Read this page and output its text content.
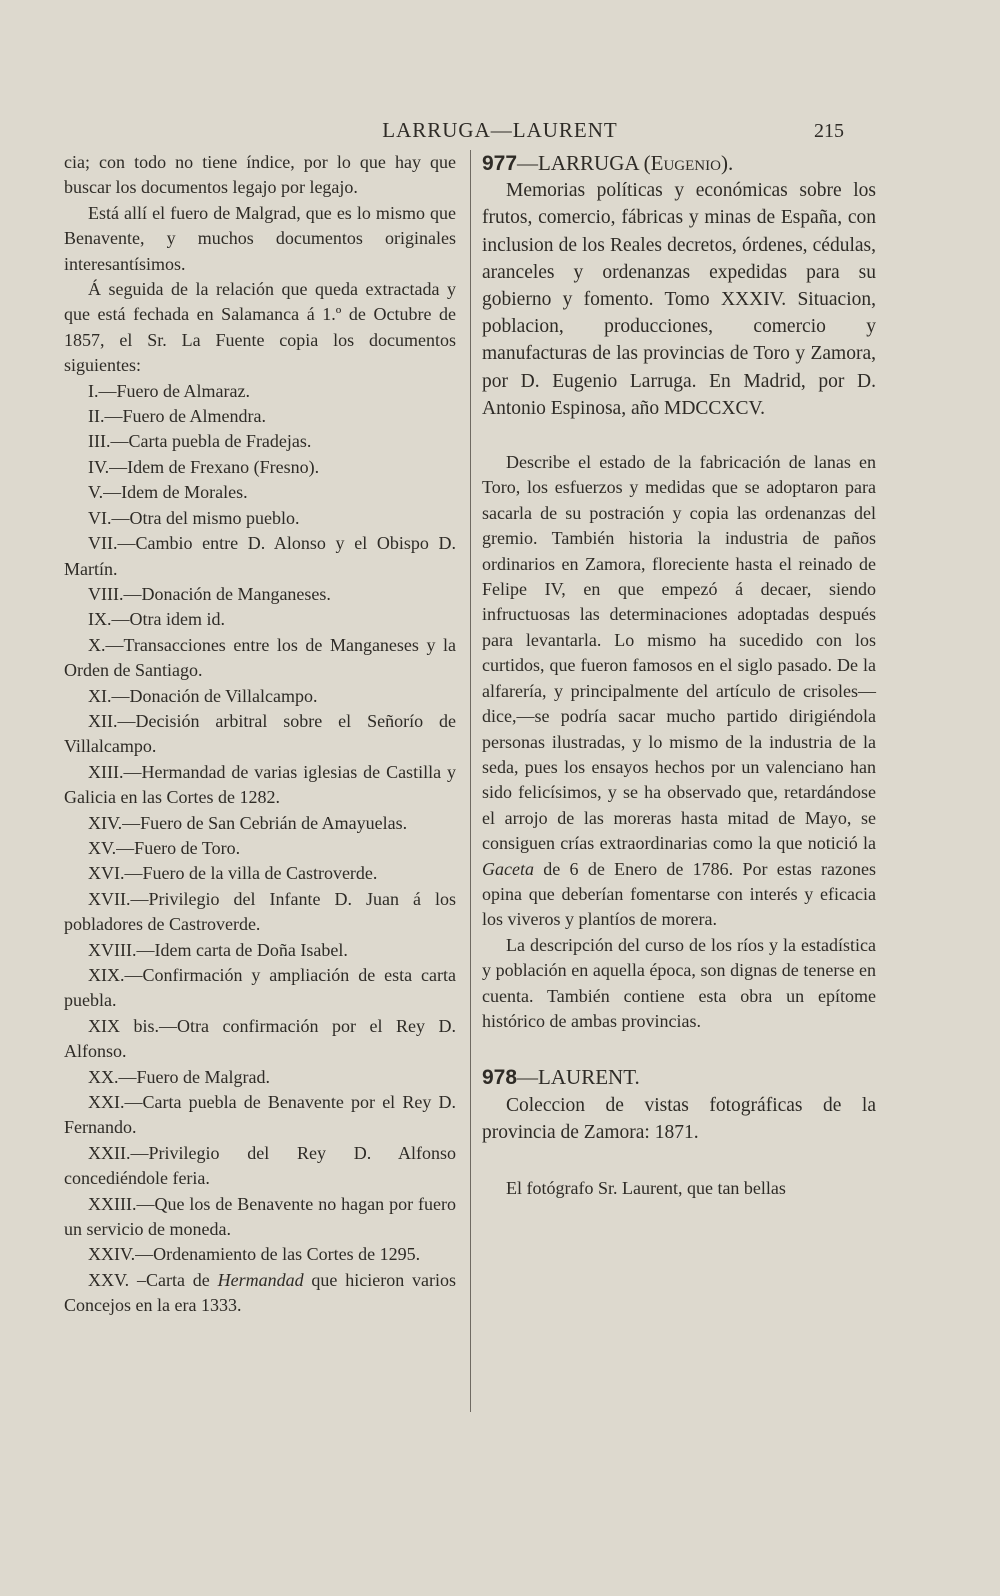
LARRUGA—LAURENT	215

cia; con todo no tiene índice, por lo que hay que buscar los documentos legajo por legajo.

Está allí el fuero de Malgrad, que es lo mismo que Benavente, y muchos documentos originales interesantísimos.

Á seguida de la relación que queda extractada y que está fechada en Salamanca á 1.º de Octubre de 1857, el Sr. La Fuente copia los documentos siguientes:

I.—Fuero de Almaraz.

II.—Fuero de Almendra.

III.—Carta puebla de Fradejas.

IV.—Idem de Frexano (Fresno).

V.—Idem de Morales.

VI.—Otra del mismo pueblo.

VII.—Cambio entre D. Alonso y el Obispo D. Martín.

VIII.—Donación de Manganeses.

IX.—Otra idem id.

X.—Transacciones entre los de Manganeses y la Orden de Santiago.

XI.—Donación de Villalcampo.

XII.—Decisión arbitral sobre el Señorío de Villalcampo.

XIII.—Hermandad de varias iglesias de Castilla y Galicia en las Cortes de 1282.

XIV.—Fuero de San Cebrián de Amayuelas.

XV.—Fuero de Toro.

XVI.—Fuero de la villa de Castroverde.

XVII.—Privilegio del Infante D. Juan á los pobladores de Castroverde.

XVIII.—Idem carta de Doña Isabel.

XIX.—Confirmación y ampliación de esta carta puebla.

XIX bis.—Otra confirmación por el Rey D. Alfonso.

XX.—Fuero de Malgrad.

XXI.—Carta puebla de Benavente por el Rey D. Fernando.

XXII.—Privilegio del Rey D. Alfonso concediéndole feria.

XXIII.—Que los de Benavente no hagan por fuero un servicio de moneda.

XXIV.—Ordenamiento de las Cortes de 1295.

XXV. –Carta de Hermandad que hicieron varios Concejos en la era 1333.

977—LARRUGA (Eugenio).

Memorias políticas y económicas sobre los frutos, comercio, fábricas y minas de España, con inclusion de los Reales decretos, órdenes, cédulas, aranceles y ordenanzas expedidas para su gobierno y fomento. Tomo XXXIV. Situacion, poblacion, producciones, comercio y manufacturas de las provincias de Toro y Zamora, por D. Eugenio Larruga. En Madrid, por D. Antonio Espinosa, año MDCCXCV.

Describe el estado de la fabricación de lanas en Toro, los esfuerzos y medidas que se adoptaron para sacarla de su postración y copia las ordenanzas del gremio. También historia la industria de paños ordinarios en Zamora, floreciente hasta el reinado de Felipe IV, en que empezó á decaer, siendo infructuosas las determinaciones adoptadas después para levantarla. Lo mismo ha sucedido con los curtidos, que fueron famosos en el siglo pasado. De la alfarería, y principalmente del artículo de crisoles—dice,—se podría sacar mucho partido dirigiéndola personas ilustradas, y lo mismo de la industria de la seda, pues los ensayos hechos por un valenciano han sido felicísimos, y se ha observado que, retardándose el arrojo de las moreras hasta mitad de Mayo, se consiguen crías extraordinarias como la que notició la Gaceta de 6 de Enero de 1786. Por estas razones opina que deberían fomentarse con interés y eficacia los viveros y plantíos de morera.

La descripción del curso de los ríos y la estadística y población en aquella época, son dignas de tenerse en cuenta. También contiene esta obra un epítome histórico de ambas provincias.

978—LAURENT.

Coleccion de vistas fotográficas de la provincia de Zamora: 1871.

El fotógrafo Sr. Laurent, que tan bellas
